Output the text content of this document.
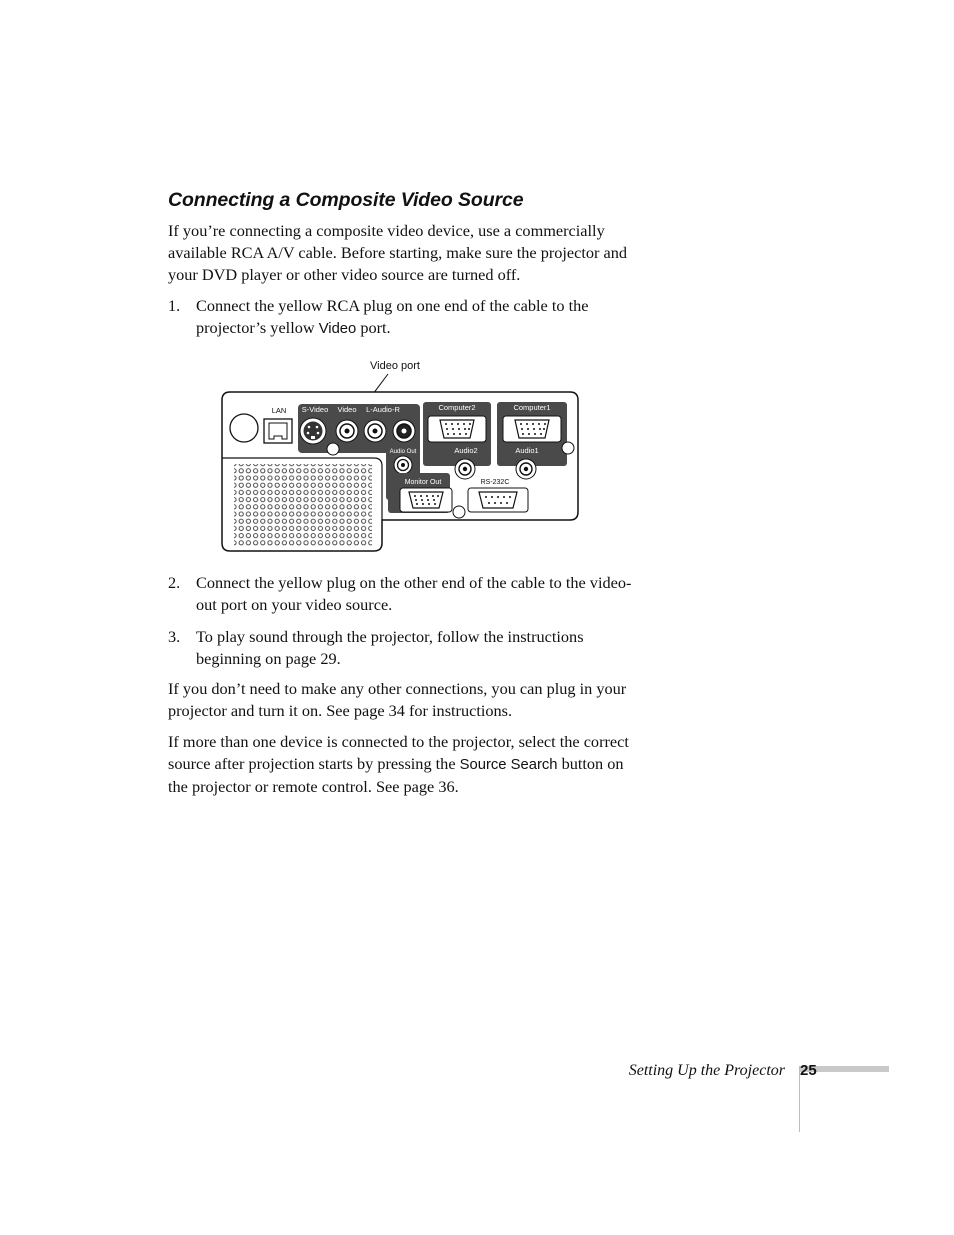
Connecting a Composite Video Source

If you’re connecting a composite video device, use a commercially available RCA A/V cable. Before starting, make sure the projector and your DVD player or other video source are turned off.

1. Connect the yellow RCA plug on one end of the cable to the projector’s yellow Video port.
Video port
LAN S-Video Video L-Audio-R	Computer2
Audio2
Computer1
Audio1
Audio Out
Monitor Out	RS-232C
2. Connect the yellow plug on the other end of the cable to the video-out port on your video source.
3. To play sound through the projector, follow the instructions beginning on page 29.

If you don’t need to make any other connections, you can plug in your projector and turn it on. See page 34 for instructions.

If more than one device is connected to the projector, select the correct source after projection starts by pressing the Source Search button on the projector or remote control. See page 36.

Setting Up the Projector 25
